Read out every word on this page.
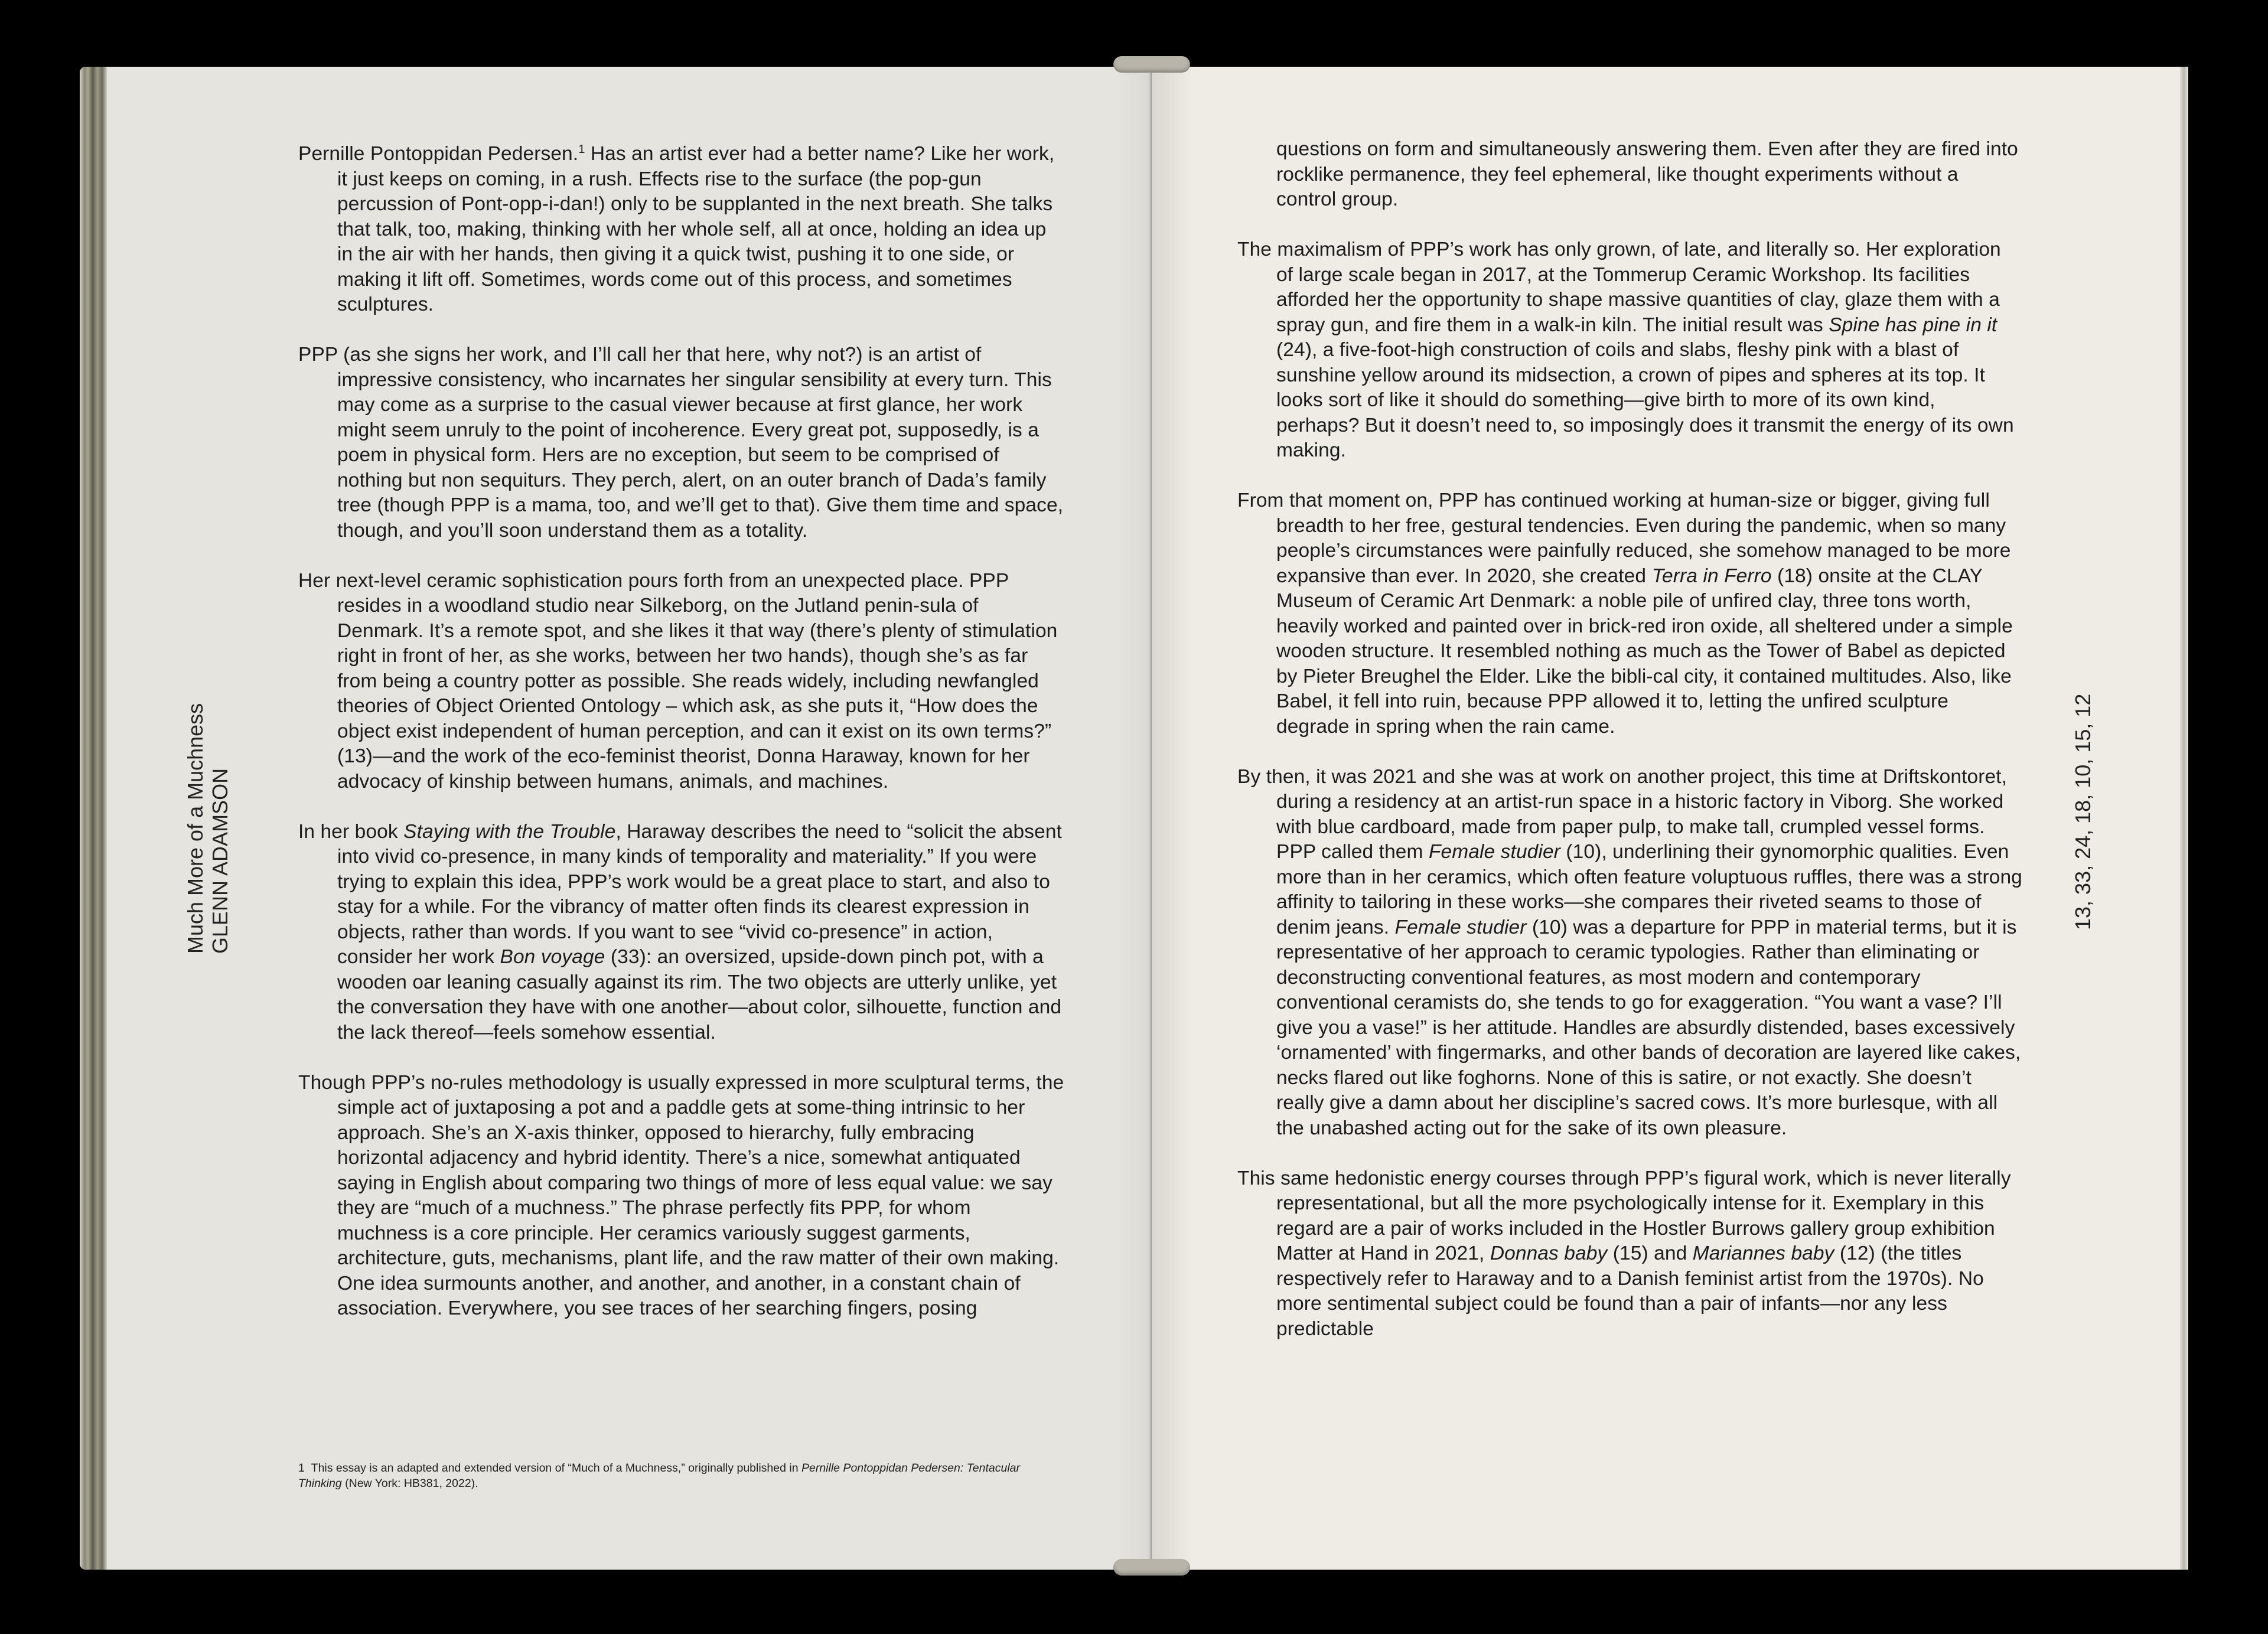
Much More of a Muchness GLENN ADAMSON

Pernille Pontoppidan Pedersen.$^1$ Has an artist ever had a better name? Like her work, it just keeps on coming, in a rush. Effects rise to the surface (the pop-gun percussion of Pont-opp-i-dan!) only to be supplanted in the next breath. She talks that talk, too, making, thinking with her whole self, all at once, holding an idea up in the air with her hands, then giving it a quick twist, pushing it to one side, or making it lift off. Sometimes, words come out of this process, and sometimes sculptures.

PPP (as she signs her work, and I’ll call her that here, why not?) is an artist of impressive consistency, who incarnates her singular sensibility at every turn. This may come as a surprise to the casual viewer because at first glance, her work might seem unruly to the point of incoherence. Every great pot, supposedly, is a poem in physical form. Hers are no exception, but seem to be comprised of nothing but non sequiturs. They perch, alert, on an outer branch of Dada’s family tree (though PPP is a mama, too, and we’ll get to that). Give them time and space, though, and you’ll soon understand them as a totality.

Her next-level ceramic sophistication pours forth from an unexpected place. PPP resides in a woodland studio near Silkeborg, on the Jutland penin-sula of Denmark. It’s a remote spot, and she likes it that way (there’s plenty of stimulation right in front of her, as she works, between her two hands), though she’s as far from being a country potter as possible. She reads widely, including newfangled theories of Object Oriented Ontology – which ask, as she puts it, “How does the object exist independent of human perception, and can it exist on its own terms?” (13)—and the work of the eco-feminist theorist, Donna Haraway, known for her advocacy of kinship between humans, animals, and machines.

In her book Staying with the Trouble, Haraway describes the need to “solicit the absent into vivid co-presence, in many kinds of temporality and materiality.” If you were trying to explain this idea, PPP’s work would be a great place to start, and also to stay for a while. For the vibrancy of matter often finds its clearest expression in objects, rather than words. If you want to see “vivid co-presence” in action, consider her work Bon voyage (33): an oversized, upside-down pinch pot, with a wooden oar leaning casually against its rim. The two objects are utterly unlike, yet the conversation they have with one another—about color, silhouette, function and the lack thereof—feels somehow essential.

Though PPP’s no-rules methodology is usually expressed in more sculptural terms, the simple act of juxtaposing a pot and a paddle gets at some-thing intrinsic to her approach. She’s an X-axis thinker, opposed to hierarchy, fully embracing horizontal adjacency and hybrid identity. There’s a nice, somewhat antiquated saying in English about comparing two things of more of less equal value: we say they are “much of a muchness.” The phrase perfectly fits PPP, for whom muchness is a core principle. Her ceramics variously suggest garments, architecture, guts, mechanisms, plant life, and the raw matter of their own making. One idea surmounts another, and another, and another, in a constant chain of association. Everywhere, you see traces of her searching fingers, posing

1  This essay is an adapted and extended version of “Much of a Muchness,” originally published in Pernille Pontoppidan Pedersen: Tentacular Thinking (New York: HB381, 2022).

questions on form and simultaneously answering them. Even after they are fired into rocklike permanence, they feel ephemeral, like thought experiments without a control group.

The maximalism of PPP’s work has only grown, of late, and literally so. Her exploration of large scale began in 2017, at the Tommerup Ceramic Workshop. Its facilities afforded her the opportunity to shape massive quantities of clay, glaze them with a spray gun, and fire them in a walk-in kiln. The initial result was Spine has pine in it (24), a five-foot-high construction of coils and slabs, fleshy pink with a blast of sunshine yellow around its midsection, a crown of pipes and spheres at its top. It looks sort of like it should do something—give birth to more of its own kind, perhaps? But it doesn’t need to, so imposingly does it transmit the energy of its own making.

From that moment on, PPP has continued working at human-size or bigger, giving full breadth to her free, gestural tendencies. Even during the pandemic, when so many people’s circumstances were painfully reduced, she somehow managed to be more expansive than ever. In 2020, she created Terra in Ferro (18) onsite at the CLAY Museum of Ceramic Art Denmark: a noble pile of unfired clay, three tons worth, heavily worked and painted over in brick-red iron oxide, all sheltered under a simple wooden structure. It resembled nothing as much as the Tower of Babel as depicted by Pieter Breughel the Elder. Like the bibli-cal city, it contained multitudes. Also, like Babel, it fell into ruin, because PPP allowed it to, letting the unfired sculpture degrade in spring when the rain came.

By then, it was 2021 and she was at work on another project, this time at Driftskontoret, during a residency at an artist-run space in a historic factory in Viborg. She worked with blue cardboard, made from paper pulp, to make tall, crumpled vessel forms. PPP called them Female studier (10), underlining their gynomorphic qualities. Even more than in her ceramics, which often feature voluptuous ruffles, there was a strong affinity to tailoring in these works—she compares their riveted seams to those of denim jeans. Female studier (10) was a departure for PPP in material terms, but it is representative of her approach to ceramic typologies. Rather than eliminating or deconstructing conventional features, as most modern and contemporary conventional ceramists do, she tends to go for exaggeration. “You want a vase? I’ll give you a vase!” is her attitude. Handles are absurdly distended, bases excessively ‘ornamented’ with fingermarks, and other bands of decoration are layered like cakes, necks flared out like foghorns. None of this is satire, or not exactly. She doesn’t really give a damn about her discipline’s sacred cows. It’s more burlesque, with all the unabashed acting out for the sake of its own pleasure.

This same hedonistic energy courses through PPP’s figural work, which is never literally representational, but all the more psychologically intense for it. Exemplary in this regard are a pair of works included in the Hostler Burrows gallery group exhibition Matter at Hand in 2021, Donnas baby (15) and Mariannes baby (12) (the titles respectively refer to Haraway and to a Danish feminist artist from the 1970s). No more sentimental subject could be found than a pair of infants—nor any less predictable

13, 33, 24, 18, 10, 15, 12
